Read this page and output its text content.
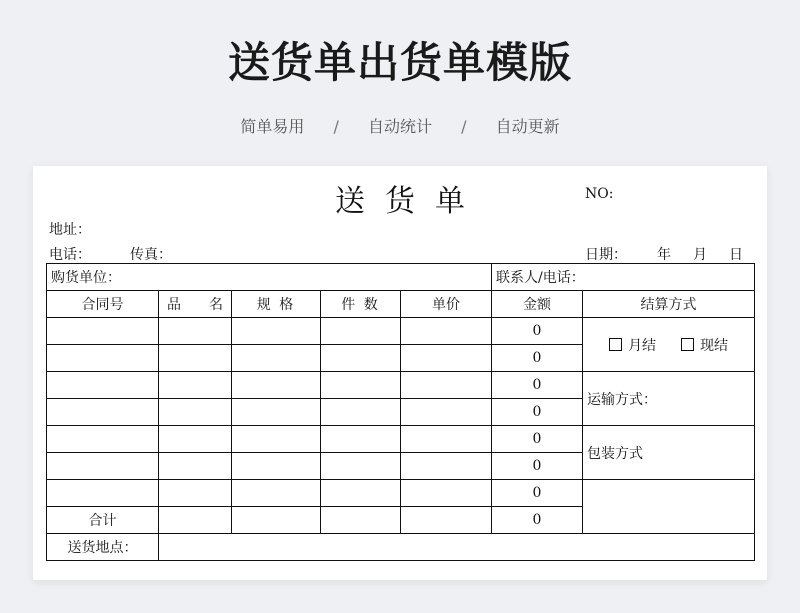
送货单出货单模版
简单易用 / 自动统计 / 自动更新
送货单	NO:
地址：
电话：	传真：	日期： 年 月 日
购货单位：					联系人/电话：	
合同号	品　　名	规 格	件 数	单价	金额	结算方式
					0	月结 现结
					0	
					0	运输方式：
					0	
					0	包装方式
					0	
					0	
合计					0	
送货地点：						
